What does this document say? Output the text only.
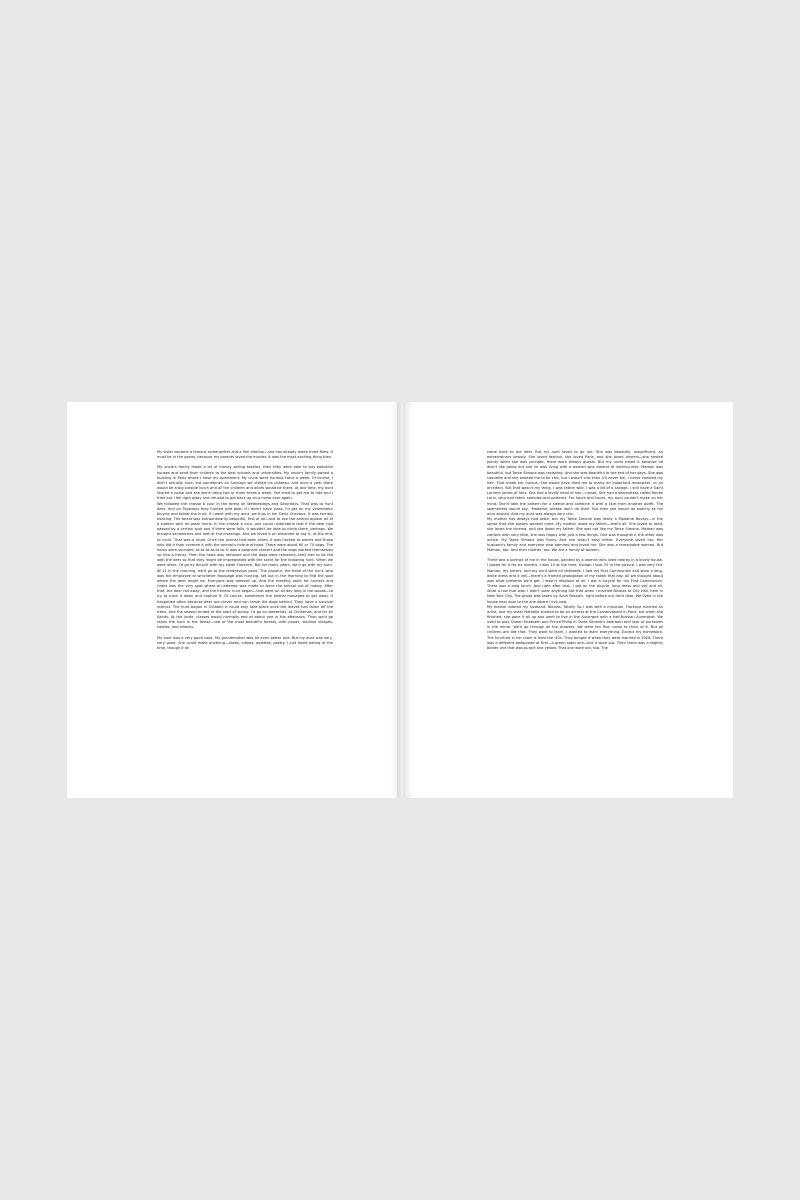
My sister became a famous screenwriter and a film director—she has already made three films. It must be in the genes, because my parents loved the movies. It was the most exciting thing then.

My uncle's family made a lot of money selling textiles, then they were able to buy beautiful houses and send their children to the best schools and universities. My uncle's family owned a building in Paris where I have my apartment. My uncle went hunting twice a week. Of course, I didn't actually hunt, but sometimes on Sundays we visited his château, and once a year there would be a big outside lunch and all the children and wives would be there. At one time, my aunt shared a horse and she went riding two or three times a week. She tried to get me to ride and I tried but I fell right away and refused to get back up on a horse ever again.

We followed the chasse à cour in the forest on Wednesdays and Saturdays. That was to hunt deer. And on Tuesdays they hunted wild boar. If I didn't have class, I'd get on my velomoteur bicycle and follow the hunt. If I went with my aunt, we'd go in her Deux Chevaux. It was terribly exciting. The forest was extraordinarily beautiful, first of all—and to see the animal appear all of a sudden with its great horns. In the chasse à cour, one could understand that if the deer had passed by a certain spot and if there were falls, it wouldn't be able to climb there, perhaps. We brought sandwiches and met at the crossings. And we loved it on ashamed to say it, at the end, to cycle. That was a ritual. Once the animal had been killed, it was hacked to pieces and those who did it then covered it with the animal's hide and head. There were about 60 or 70 dogs. The horns were sounded, ta-ta-ta-ta-ta-ta. It was a poignant concert and the dogs worked themselves up into a frenzy. Then the head was removed and the dogs were released—they had to be fed with the deer so that they might be impregnated with the scent for the following hunt. When we were older, I'd go by bicycle with my sister Florence. But for many years, we'd go with my aunt. At 11 in the morning, we'd go to the rendezvous point. The piqueur, the head of the hunt, who was the employee of whichever équipage was hunting, set out in the morning to find the spot where the deer might be. Everyone was dressed up. And the meeting point for hunters and riders was the very spot where an attempt was made to force the animal out of hiding. After that, the deer ran away, and the frenetic hunt began—that went on all day long in the woods—to try to track it down and capture it. Of course, sometimes the animal managed to get away. It happened often because deer are clever and can leave the dogs behind. They have a survival instinct. The hunt began in October. It could only take place once the leaves had fallen off the trees. And the season ended at the start of spring. I'd go on weekends, at Christmas, and for All Saints. At the lycée, classes would normally end at about one in the afternoon. Then we'd go rejoin the hunt in the forest—one of the most beautiful forests, with ponds, sublime villages, castles, and hillocks.

My aunt was a very good cook. My grandmother was an even better one. But my aunt was very, very good. She could make anything—cakes, crêpes, galettes, pastry. I just loved eating at the time, though it all

came back to me later. But my aunt loved to go out. She was beautiful, magnificent, an extraordinary beauty. She loved fashion, she loved Paris, and she loved dinners—she hosted plenty when she was younger, there were always guests. But my uncle hated it because he didn't like going out and he was living with a woman who dreamt of nothing else. Maman was beautiful, but Tante Simone was ravishing. And she was beautiful to the end of her days. She was coquette and she wanted me to be chic, but I wasn't chic then (I'll never be). I never combed my hair. That made her furious. She would have liked me to marry an important landowner, or an architect. But that wasn't my thing. I was rather wild. I was a bit of a savage. I still have a Saint Laurent jacket of hers. She had a lovely head of hair—russet. She had a seamstress called Renée Lorin, who had fabric samples and patterns. For hours and hours, my aunt couldn't make up her mind. She'd take the pattern for a sleeve and combine it with a skirt from another outfit. The seamstress would say, 'Madame, please don't do that!' But then she would do exactly as my aunt wished. And my aunt was always very chic.

My mother has always had taste, but my Tante Simone was really a Madame Bovary—in the sense that she always wanted more. My mother loved my father—that's all. She loved to read, she loved the cinema, and she loved my father. She was not like my Tante Simone. Maman was content with very little, she was happy with just a few things. One was thoughtful, the other was active. My Tante Simone was funny. And she wasn't easy either. Everyone loved her. Her husband's family and everyone else admired and loved her. She was a remarkable woman. But Maman, too. And their mother, too. We are a family of women.

There was a portrait of me in the house, painted by a woman who lived nearby in a lovely house. I posed for it for six months. I was 10 at the time, though I look 25 in the picture. I was very fair. Maman, my sisters, and my aunt were all redheads. I had my First Communion and wore a long, white dress and a veil—there's a framed photograph of my taken that day. All we thought about was what presents we'd get. I wasn't religious at all. I got a bicycle for my First Communion. There was a long lunch. And right after that, I got on the bicycle, long dress and veil and all. What a row that was. I didn't wear anything like that when I married Nicolas at City Hall, here in New York City. The photo was taken by Alain Resnais, right before our front door. We lived in the house next door to the one where I live now.

My mother adored my husband, Nicolas. Totally. So I was with a musician, Florence married an artist, and my sister Nathalie studied to be an actress at the Conservatoire in Paris, but when she finished, she gave it all up and went to live in the Auvergne with a half-Russian Auvergnat. We used to play Queen Elizabeth and Prince Philip in Tante Simone's bedroom and look at ourselves in the mirror. We'd go through all the drawers. We were ten five, come to think of it. But all children are like that. They want to learn, I wanted to learn everything. Except my homework. The furniture in her room is from the '40s. They bought it when they were married in 1926. There was a different bedspread at first—a green satin one—but it wore out. Then there was a slightly bolder one that was purple and yellow. That one wore out, too. The
